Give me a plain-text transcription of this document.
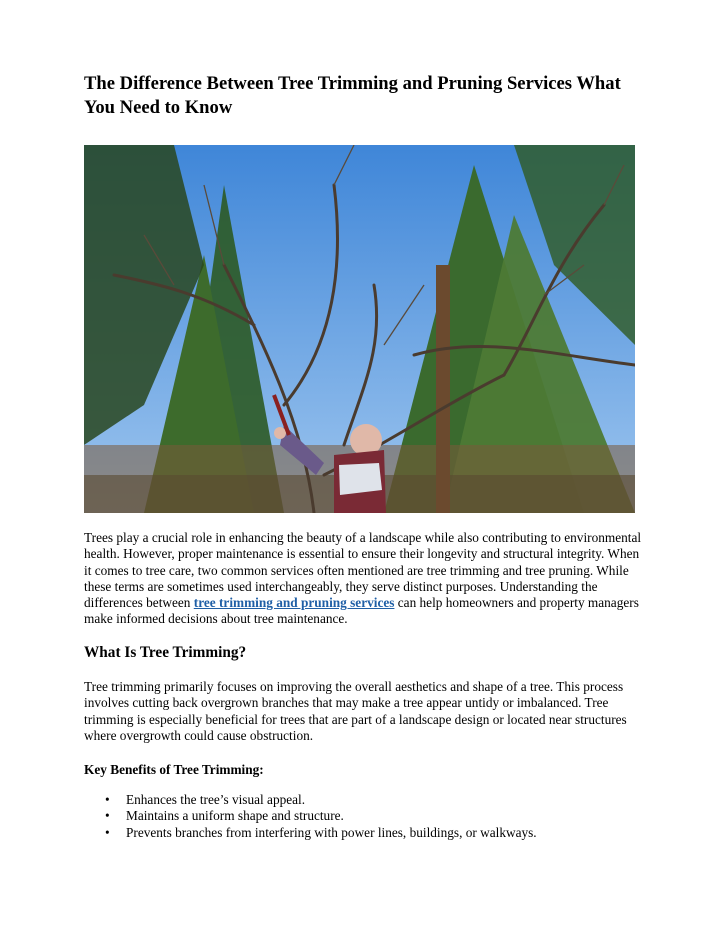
The Difference Between Tree Trimming and Pruning Services What You Need to Know

Trees play a crucial role in enhancing the beauty of a landscape while also contributing to environmental health. However, proper maintenance is essential to ensure their longevity and structural integrity. When it comes to tree care, two common services often mentioned are tree trimming and tree pruning. While these terms are sometimes used interchangeably, they serve distinct purposes. Understanding the differences between tree trimming and pruning services can help homeowners and property managers make informed decisions about tree maintenance.

What Is Tree Trimming?

Tree trimming primarily focuses on improving the overall aesthetics and shape of a tree. This process involves cutting back overgrown branches that may make a tree appear untidy or imbalanced. Tree trimming is especially beneficial for trees that are part of a landscape design or located near structures where overgrowth could cause obstruction.

Key Benefits of Tree Trimming:

• Enhances the tree’s visual appeal.
• Maintains a uniform shape and structure.
• Prevents branches from interfering with power lines, buildings, or walkways.
